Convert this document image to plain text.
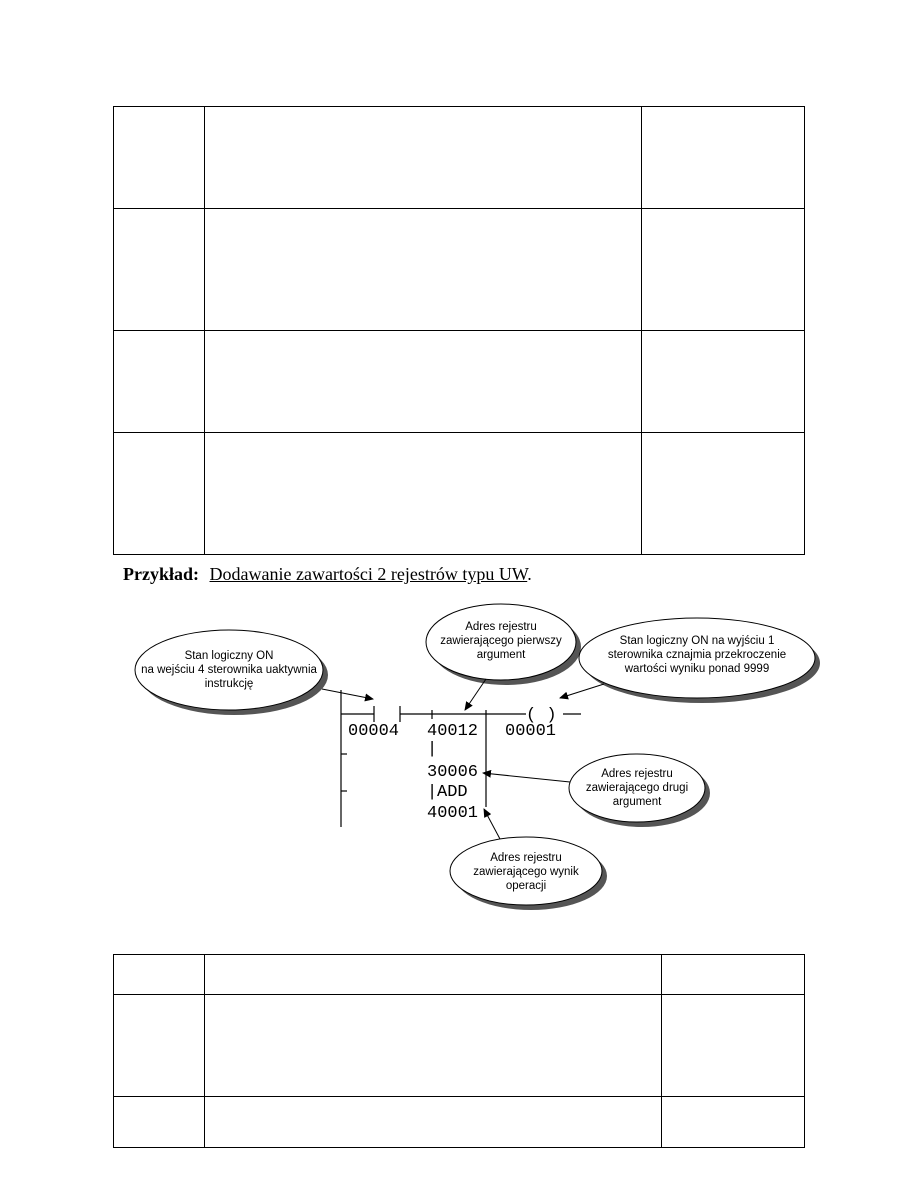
Przykład: Dodawanie zawartości 2 rejestrów typu UW.
00004
( )
00001
40012
|
30006
| ADD
40001
Stan logiczny ON
na wejściu 4 sterownika uaktywnia
instrukcję
Adres rejestru
zawierającego pierwszy
argument
Stan logiczny ON na wyjściu 1
sterownika cznajmia przekroczenie
wartości wyniku ponad 9999
Adres rejestru
zawierającego drugi
argument
Adres rejestru
zawierającego wynik
operacji
